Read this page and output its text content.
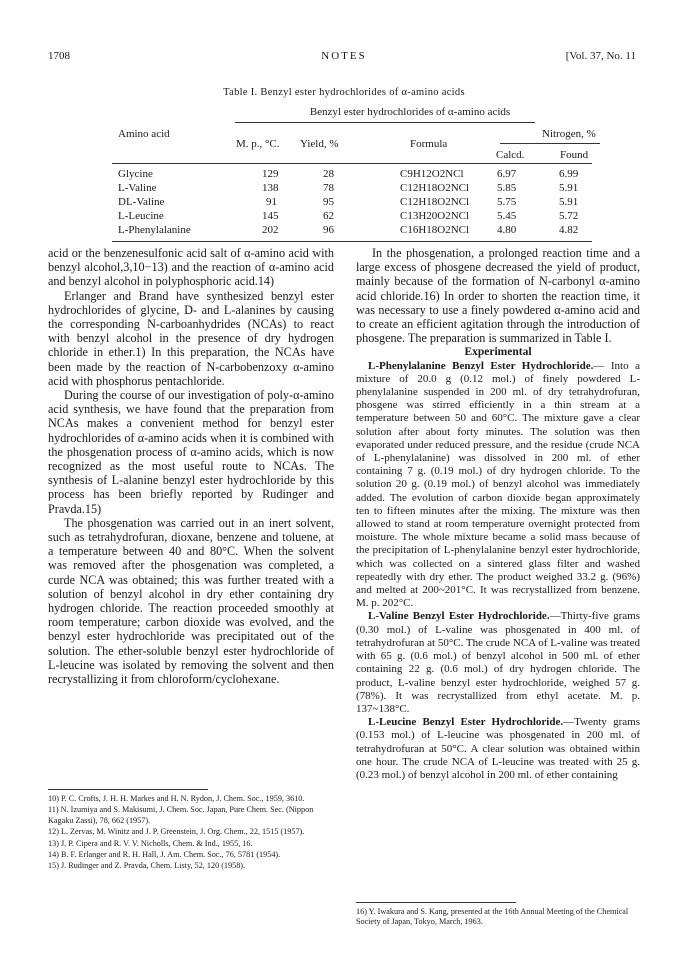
1708	NOTES	[Vol. 37, No. 11
Table I. Benzyl ester hydrochlorides of α-amino acids
Benzyl ester hydrochlorides of α-amino acids
Amino acid
M. p., °C. Yield, %	Formula
Nitrogen, %
Calcd.	Found
Glycine	129	28	C9H12O2NCl	6.97	6.99
L-Valine	138	78	C12H18O2NCl	5.85	5.91
DL-Valine	91	95	C12H18O2NCl	5.75	5.91
L-Leucine	145	62	C13H20O2NCl	5.45	5.72
L-Phenylalanine	202	96	C16H18O2NCl	4.80	4.82

acid or the benzenesulfonic acid salt of α-amino acid with benzyl alcohol,3,10−13) and the reaction of α-amino acid and benzyl alcohol in polyphosphoric acid.14)

Erlanger and Brand have synthesized benzyl ester hydrochlorides of glycine, D- and L-alanines by causing the corresponding N-carboanhydrides (NCAs) to react with benzyl alcohol in the presence of dry hydrogen chloride in ether.1) In this preparation, the NCAs have been made by the reaction of N-carbobenzoxy α-amino acid with phosphorus pentachloride.

During the course of our investigation of poly-α-amino acid synthesis, we have found that the preparation from NCAs makes a convenient method for benzyl ester hydrochlorides of α-amino acids when it is combined with the phosgenation process of α-amino acids, which is now recognized as the most useful route to NCAs. The synthesis of L-alanine benzyl ester hydrochloride by this process has been briefly reported by Rudinger and Pravda.15)

The phosgenation was carried out in an inert solvent, such as tetrahydrofuran, dioxane, benzene and toluene, at a temperature between 40 and 80°C. When the solvent was removed after the phosgenation was completed, a curde NCA was obtained; this was further treated with a solution of benzyl alcohol in dry ether containing dry hydrogen chloride. The reaction proceeded smoothly at room temperature; carbon dioxide was evolved, and the benzyl ester hydrochloride was precipitated out of the solution. The ether-soluble benzyl ester hydrochloride of L-leucine was isolated by removing the solvent and then recrystallizing it from chloroform/cyclohexane.

10) P. C. Crofts, J. H. H. Markes and H. N. Rydon, J. Chem. Soc., 1959, 3610.
11) N. Izumiya and S. Makisumi, J. Chem. Soc. Japan, Pure Chem. Sec. (Nippon Kagaku Zassi), 78, 662 (1957).
12) L. Zervas, M. Winitz and J. P. Greenstein, J. Org. Chem., 22, 1515 (1957).
13) J. P. Cipera and R. V. V. Nicholls, Chem. & Ind., 1955, 16.
14) B. F. Erlanger and R. H. Hall, J. Am. Chem. Soc., 76, 5781 (1954).
15) J. Rudinger and Z. Pravda, Chem. Listy, 52, 120 (1958).

In the phosgenation, a prolonged reaction time and a large excess of phosgene decreased the yield of product, mainly because of the formation of N-carbonyl α-amino acid chloride.16) In order to shorten the reaction time, it was necessary to use a finely powdered α-amino acid and to create an efficient agitation through the introduction of phosgene. The preparation is summarized in Table I.

Experimental

L-Phenylalanine Benzyl Ester Hydrochloride.— Into a mixture of 20.0 g (0.12 mol.) of finely powdered L-phenylalanine suspended in 200 ml. of dry tetrahydrofuran, phosgene was stirred efficiently in a thin stream at a temperature between 50 and 60°C. The mixture gave a clear solution after about forty minutes. The solution was then evaporated under reduced pressure, and the residue (crude NCA of L-phenylalanine) was dissolved in 200 ml. of ether containing 7 g. (0.19 mol.) of dry hydrogen chloride. To the solution 20 g. (0.19 mol.) of benzyl alcohol was immediately added. The evolution of carbon dioxide began approximately ten to fifteen minutes after the mixing. The mixture was then allowed to stand at room temperature overnight protected from moisture. The whole mixture became a solid mass because of the precipitation of L-phenylalanine benzyl ester hydrochloride, which was collected on a sintered glass filter and washed repeatedly with dry ether. The product weighed 33.2 g. (96%) and melted at 200~201°C. It was recrystallized from benzene. M. p. 202°C.

L-Valine Benzyl Ester Hydrochloride.—Thirty-five grams (0.30 mol.) of L-valine was phosgenated in 400 ml. of tetrahydrofuran at 50°C. The crude NCA of L-valine was treated with 65 g. (0.6 mol.) of benzyl alcohol in 500 ml. of ether containing 22 g. (0.6 mol.) of dry hydrogen chloride. The product, L-valine benzyl ester hydrochloride, weighed 57 g. (78%). It was recrystallized from ethyl acetate. M. p. 137~138°C.

L-Leucine Benzyl Ester Hydrochloride.—Twenty grams (0.153 mol.) of L-leucine was phosgenated in 200 ml. of tetrahydrofuran at 50°C. A clear solution was obtained within one hour. The crude NCA of L-leucine was treated with 25 g. (0.23 mol.) of benzyl alcohol in 200 ml. of ether containing

16) Y. Iwakura and S. Kang, presented at the 16th Annual Meeting of the Chemical Society of Japan, Tokyo, March, 1963.
